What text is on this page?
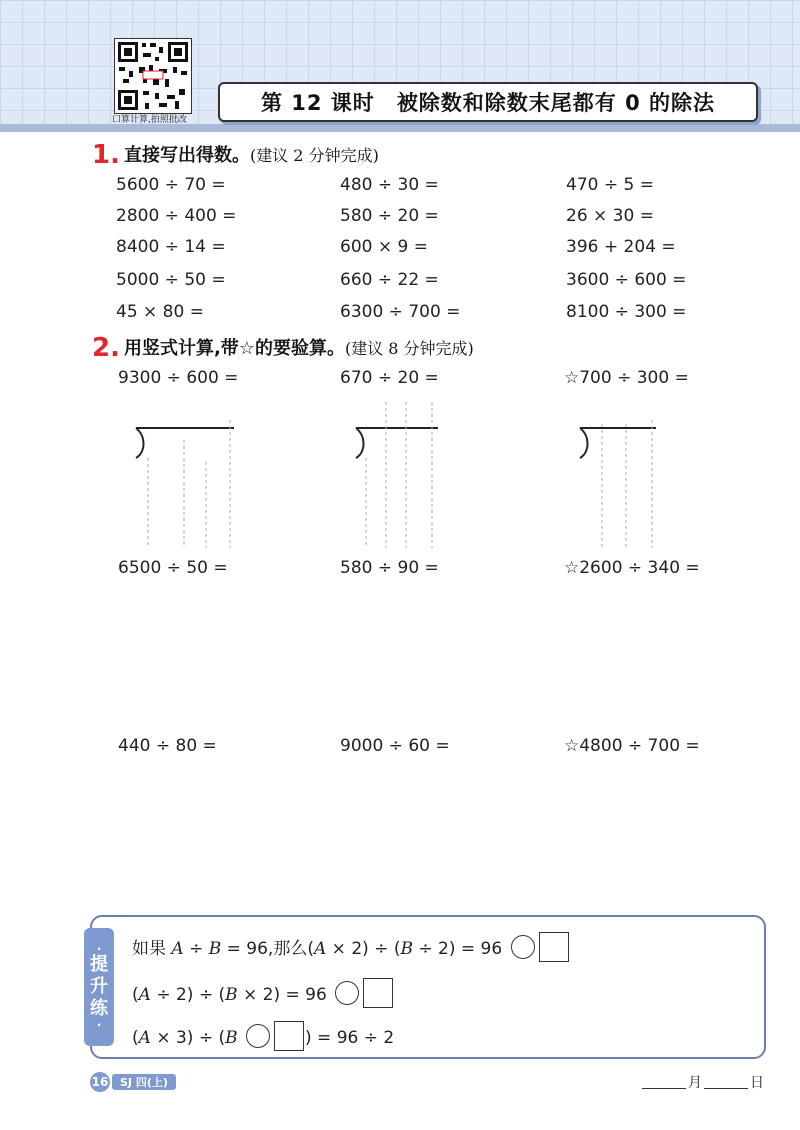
口算计算,拍照批改
第 12 课时 被除数和除数末尾都有 0 的除法
1. 直接写出得数。(建议 2 分钟完成)
5600 ÷ 70 =	480 ÷ 30 =	470 ÷ 5 =
2800 ÷ 400 =	580 ÷ 20 =	26 × 30 =
8400 ÷ 14 =	600 × 9 =	396 + 204 =
5000 ÷ 50 =	660 ÷ 22 =	3600 ÷ 600 =
45 × 80 =	6300 ÷ 700 =	8100 ÷ 300 =
2. 用竖式计算,带☆的要验算。(建议 8 分钟完成)
9300 ÷ 600 =	670 ÷ 20 =	☆700 ÷ 300 =
6500 ÷ 50 =	580 ÷ 90 =	☆2600 ÷ 340 =
440 ÷ 80 =	9000 ÷ 60 =	☆4800 ÷ 700 =
·
提
升
练
·
如果 A ÷ B = 96,那么(A × 2) ÷ (B ÷ 2) = 96
(A ÷ 2) ÷ (B × 2) = 96
(A × 3) ÷ (B	) = 96 ÷ 2
16	SJ 四(上)	月	日
